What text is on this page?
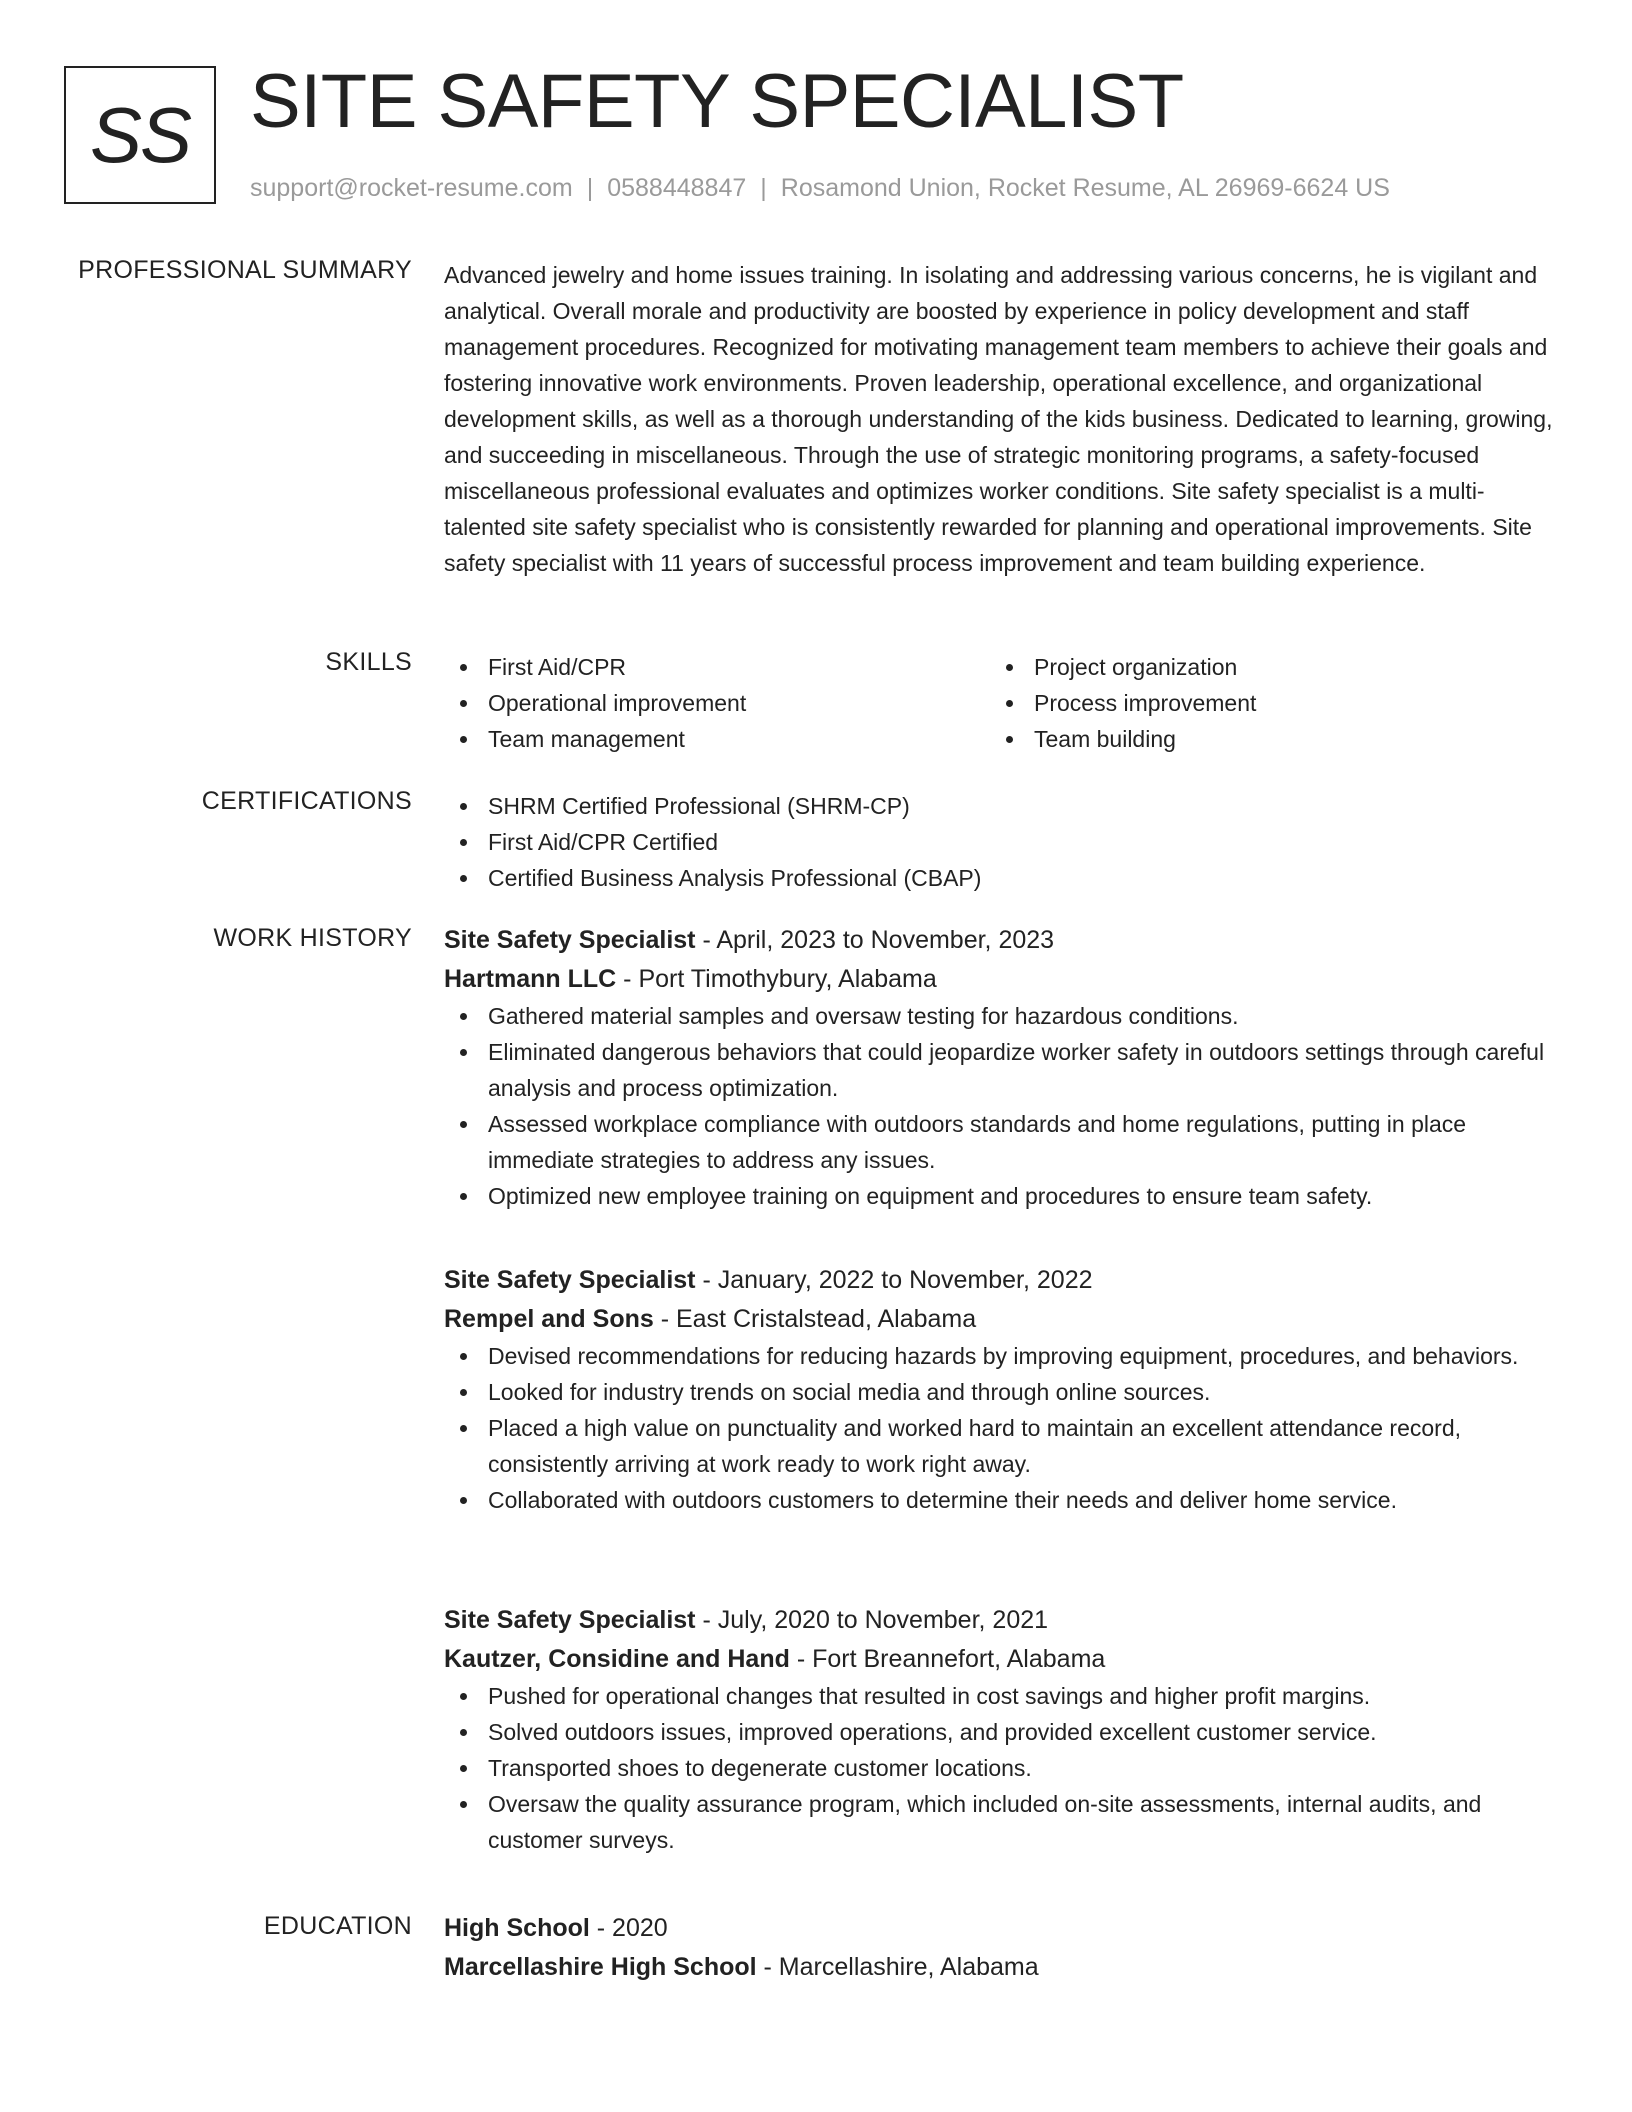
SS SITE SAFETY SPECIALIST
support@rocket-resume.com | 0588448847 | Rosamond Union, Rocket Resume, AL 26969-6624 US
PROFESSIONAL SUMMARY Advanced jewelry and home issues training. In isolating and addressing various concerns, he is vigilant and analytical. Overall morale and productivity are boosted by experience in policy development and staff management procedures. Recognized for motivating management team members to achieve their goals and fostering innovative work environments. Proven leadership, operational excellence, and organizational development skills, as well as a thorough understanding of the kids business. Dedicated to learning, growing, and succeeding in miscellaneous. Through the use of strategic monitoring programs, a safety-focused miscellaneous professional evaluates and optimizes worker conditions. Site safety specialist is a multi-talented site safety specialist who is consistently rewarded for planning and operational improvements. Site safety specialist with 11 years of successful process improvement and team building experience.

SKILLS	First Aid/CPR
Operational improvement
Team management
Project organization
Process improvement
Team building
CERTIFICATIONS	SHRM Certified Professional (SHRM-CP)
First Aid/CPR Certified
Certified Business Analysis Professional (CBAP)
WORK HISTORY Site Safety Specialist - April, 2023 to November, 2023
Hartmann LLC - Port Timothybury, Alabama
Gathered material samples and oversaw testing for hazardous conditions.
Eliminated dangerous behaviors that could jeopardize worker safety in outdoors settings through careful analysis and process optimization.
Assessed workplace compliance with outdoors standards and home regulations, putting in place immediate strategies to address any issues.
Optimized new employee training on equipment and procedures to ensure team safety.
Site Safety Specialist - January, 2022 to November, 2022
Rempel and Sons - East Cristalstead, Alabama
Devised recommendations for reducing hazards by improving equipment, procedures, and behaviors.
Looked for industry trends on social media and through online sources.
Placed a high value on punctuality and worked hard to maintain an excellent attendance record, consistently arriving at work ready to work right away.
Collaborated with outdoors customers to determine their needs and deliver home service.
Site Safety Specialist - July, 2020 to November, 2021
Kautzer, Considine and Hand - Fort Breannefort, Alabama
Pushed for operational changes that resulted in cost savings and higher profit margins.
Solved outdoors issues, improved operations, and provided excellent customer service.
Transported shoes to degenerate customer locations.
Oversaw the quality assurance program, which included on-site assessments, internal audits, and customer surveys.
EDUCATION High School - 2020
Marcellashire High School - Marcellashire, Alabama
